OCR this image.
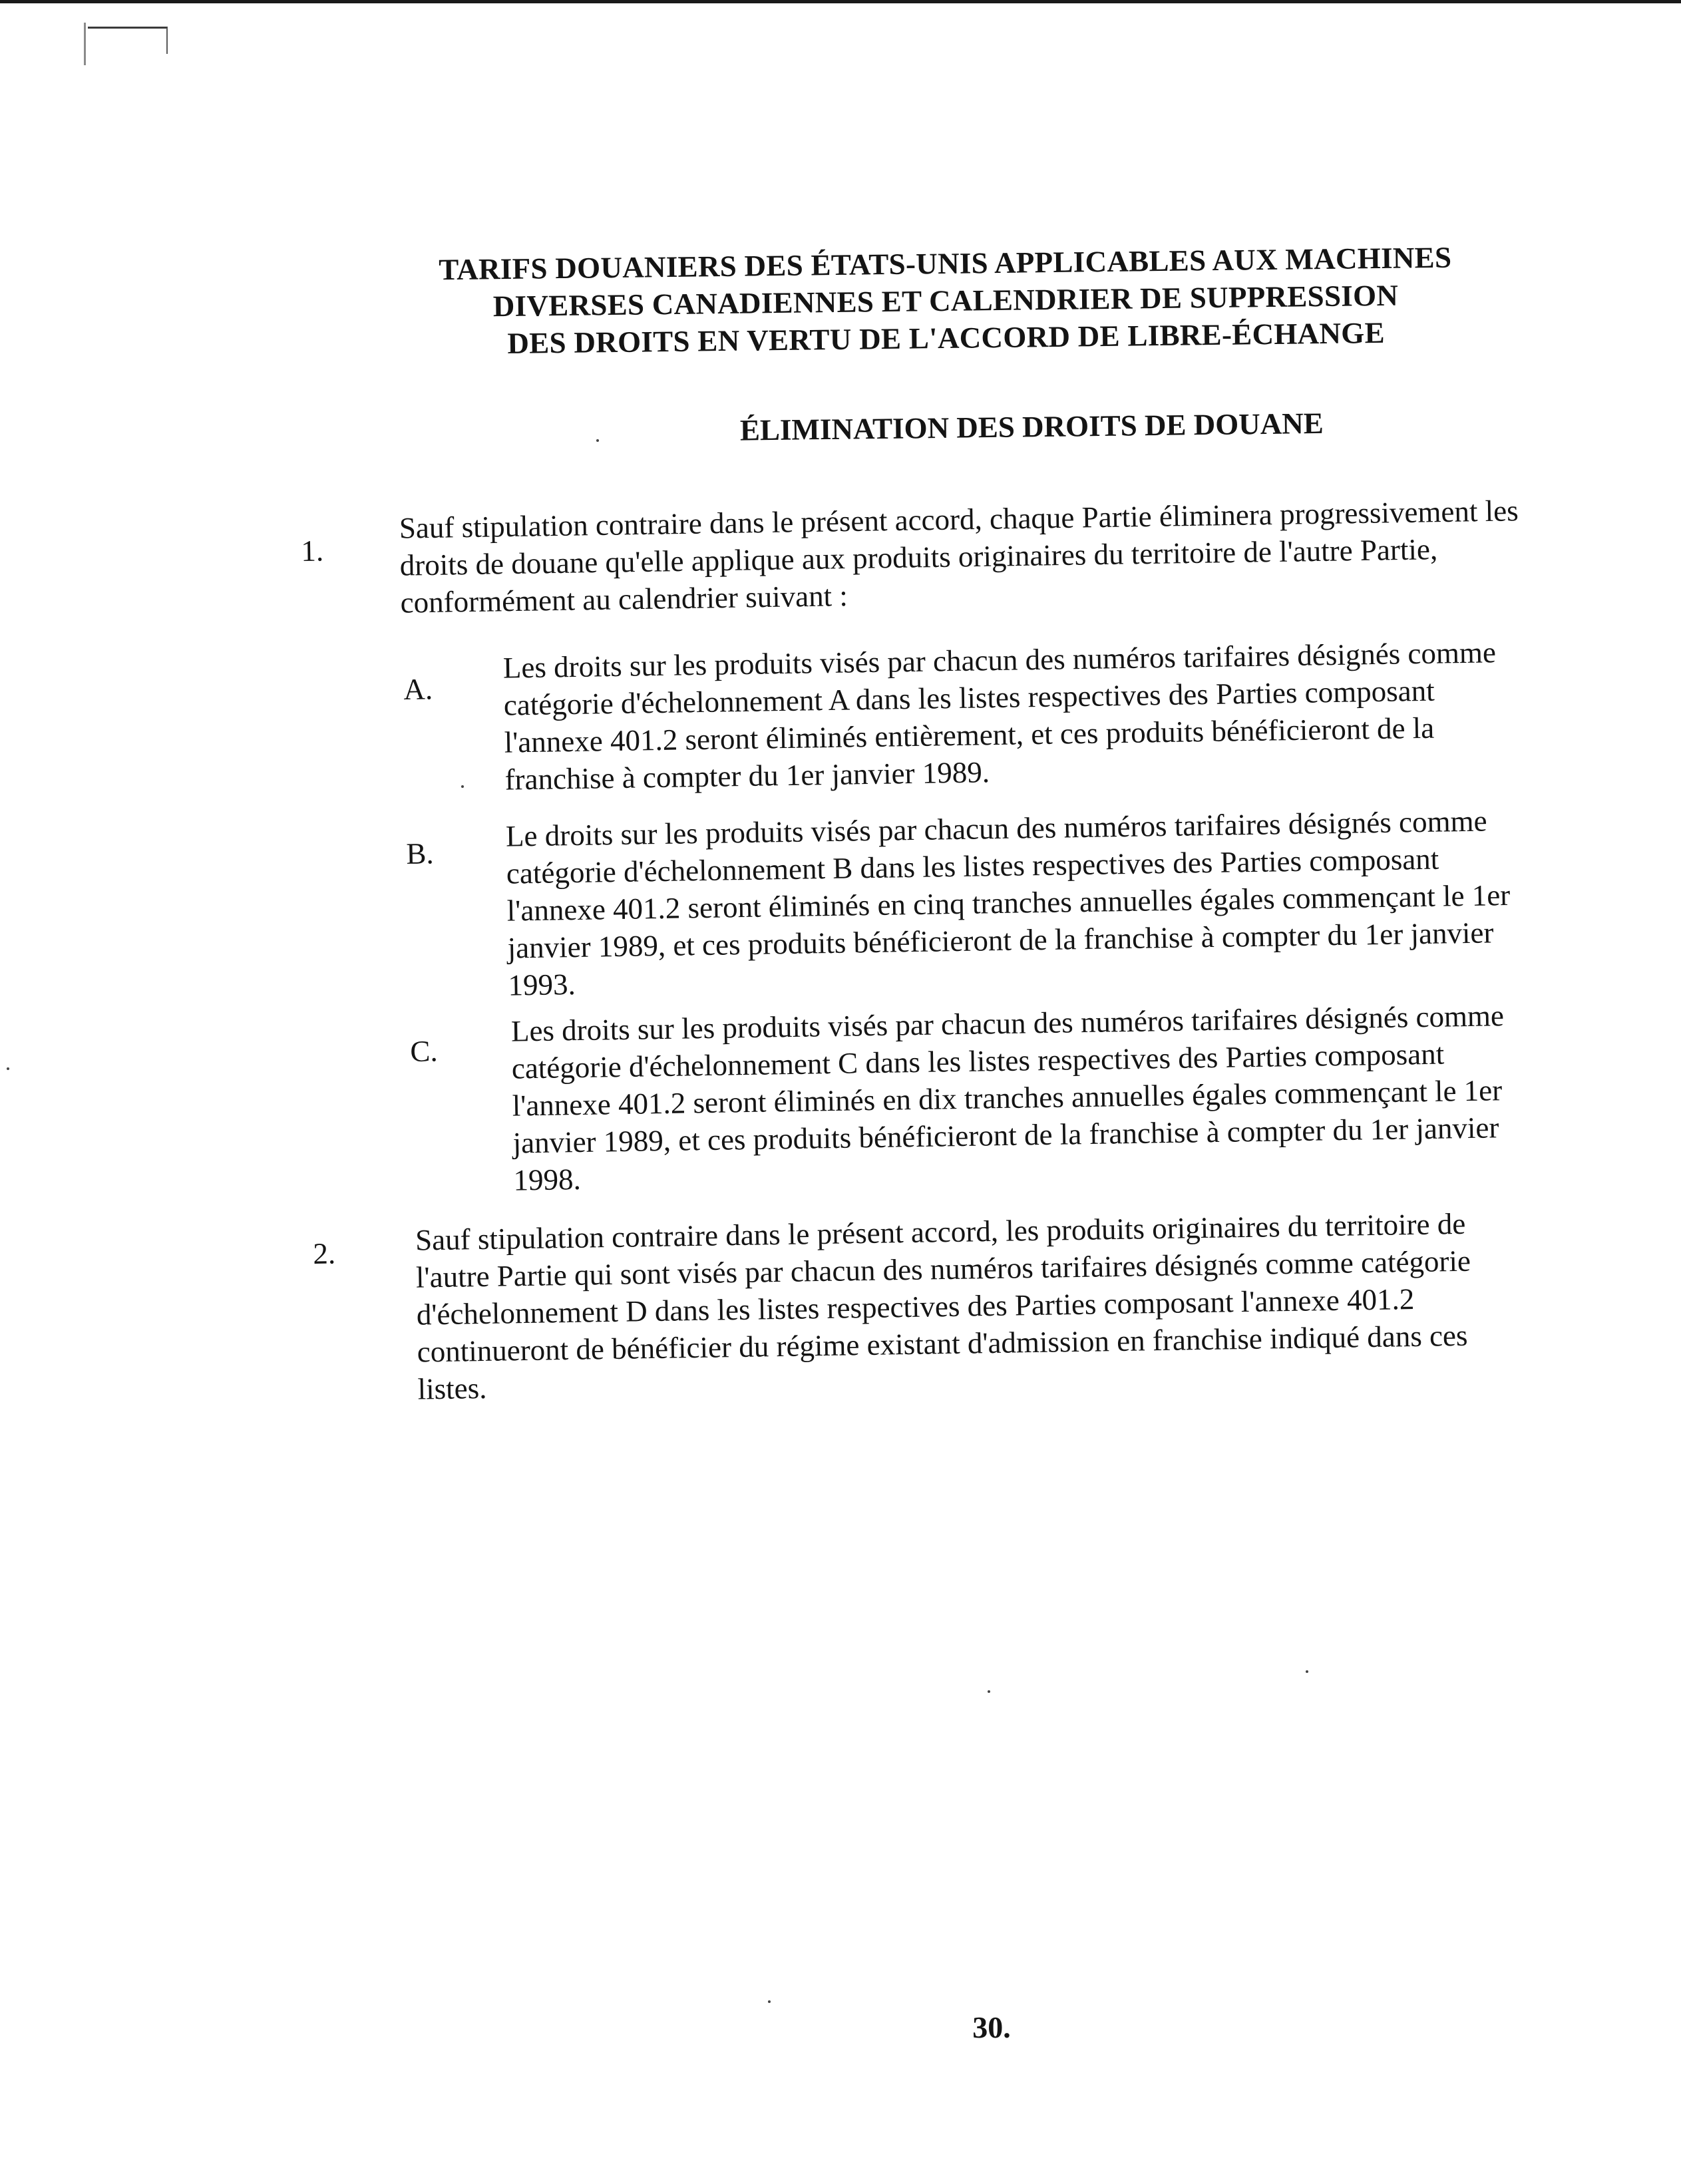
TARIFS DOUANIERS DES ÉTATS-UNIS APPLICABLES AUX MACHINES
DIVERSES CANADIENNES ET CALENDRIER DE SUPPRESSION
DES DROITS EN VERTU DE L'ACCORD DE LIBRE-ÉCHANGE
ÉLIMINATION DES DROITS DE DOUANE
1.
Sauf stipulation contraire dans le présent accord, chaque Partie éliminera progressivement les
droits de douane qu'elle applique aux produits originaires du territoire de l'autre Partie,
conformément au calendrier suivant :
A.
Les droits sur les produits visés par chacun des numéros tarifaires désignés comme
catégorie d'échelonnement A dans les listes respectives des Parties composant
l'annexe 401.2 seront éliminés entièrement, et ces produits bénéficieront de la
franchise à compter du 1er janvier 1989.
B.
Le droits sur les produits visés par chacun des numéros tarifaires désignés comme
catégorie d'échelonnement B dans les listes respectives des Parties composant
l'annexe 401.2 seront éliminés en cinq tranches annuelles égales commençant le 1er
janvier 1989, et ces produits bénéficieront de la franchise à compter du 1er janvier
1993.
C.
Les droits sur les produits visés par chacun des numéros tarifaires désignés comme
catégorie d'échelonnement C dans les listes respectives des Parties composant
l'annexe 401.2 seront éliminés en dix tranches annuelles égales commençant le 1er
janvier 1989, et ces produits bénéficieront de la franchise à compter du 1er janvier
1998.
2.	Sauf stipulation contraire dans le présent accord, les produits originaires du territoire de
l'autre Partie qui sont visés par chacun des numéros tarifaires désignés comme catégorie
d'échelonnement D dans les listes respectives des Parties composant l'annexe 401.2
continueront de bénéficier du régime existant d'admission en franchise indiqué dans ces
listes.
30.
